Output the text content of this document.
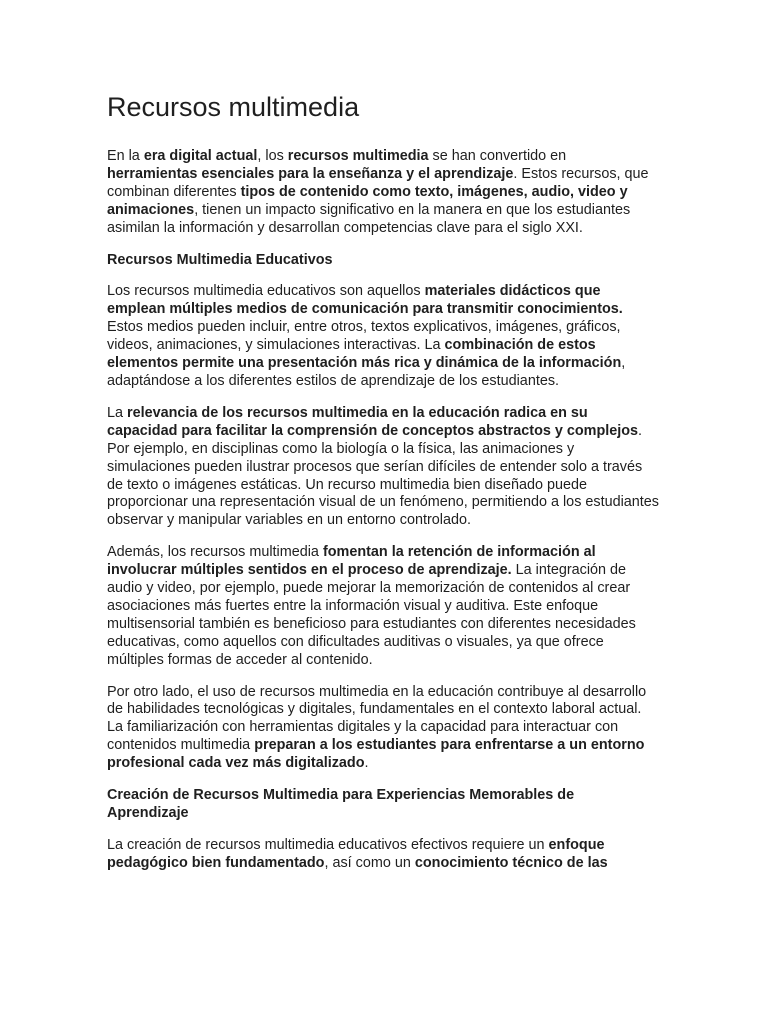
Recursos multimedia

En la era digital actual, los recursos multimedia se han convertido en herramientas esenciales para la enseñanza y el aprendizaje. Estos recursos, que combinan diferentes tipos de contenido como texto, imágenes, audio, video y animaciones, tienen un impacto significativo en la manera en que los estudiantes asimilan la información y desarrollan competencias clave para el siglo XXI.

Recursos Multimedia Educativos

Los recursos multimedia educativos son aquellos materiales didácticos que emplean múltiples medios de comunicación para transmitir conocimientos. Estos medios pueden incluir, entre otros, textos explicativos, imágenes, gráficos, videos, animaciones, y simulaciones interactivas. La combinación de estos elementos permite una presentación más rica y dinámica de la información, adaptándose a los diferentes estilos de aprendizaje de los estudiantes.

La relevancia de los recursos multimedia en la educación radica en su capacidad para facilitar la comprensión de conceptos abstractos y complejos. Por ejemplo, en disciplinas como la biología o la física, las animaciones y simulaciones pueden ilustrar procesos que serían difíciles de entender solo a través de texto o imágenes estáticas. Un recurso multimedia bien diseñado puede proporcionar una representación visual de un fenómeno, permitiendo a los estudiantes observar y manipular variables en un entorno controlado.

Además, los recursos multimedia fomentan la retención de información al involucrar múltiples sentidos en el proceso de aprendizaje. La integración de audio y video, por ejemplo, puede mejorar la memorización de contenidos al crear asociaciones más fuertes entre la información visual y auditiva. Este enfoque multisensorial también es beneficioso para estudiantes con diferentes necesidades educativas, como aquellos con dificultades auditivas o visuales, ya que ofrece múltiples formas de acceder al contenido.

Por otro lado, el uso de recursos multimedia en la educación contribuye al desarrollo de habilidades tecnológicas y digitales, fundamentales en el contexto laboral actual. La familiarización con herramientas digitales y la capacidad para interactuar con contenidos multimedia preparan a los estudiantes para enfrentarse a un entorno profesional cada vez más digitalizado.

Creación de Recursos Multimedia para Experiencias Memorables de Aprendizaje

La creación de recursos multimedia educativos efectivos requiere un enfoque pedagógico bien fundamentado, así como un conocimiento técnico de las
